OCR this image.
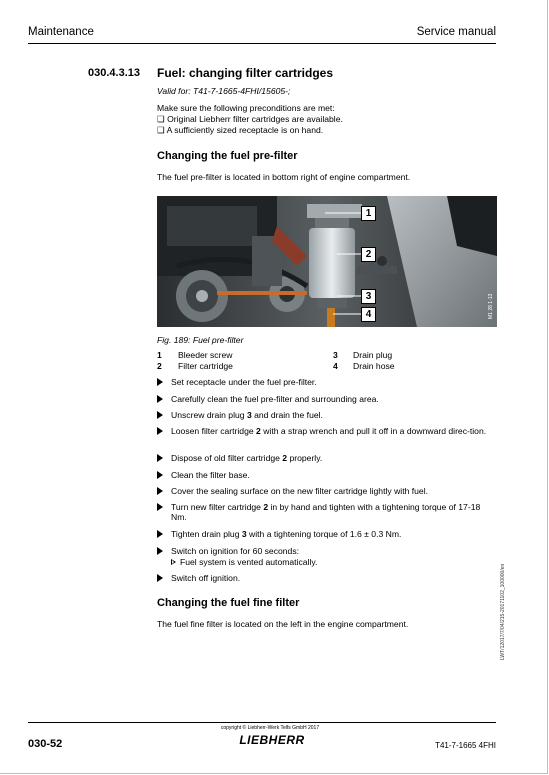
Maintenance	Service manual
030.4.3.13 Fuel: changing filter cartridges
Valid for: T41-7-1665-4FHI/15605-;
Make sure the following preconditions are met:
❑ Original Liebherr filter cartridges are available.
❑ A sufficiently sized receptacle is on hand.
Changing the fuel pre-filter
The fuel pre-filter is located in bottom right of engine compartment.
1
2
3
4	M1 28 1·13
Fig. 189: Fuel pre-filter
1 Bleeder screw
2 Filter cartridge
3 Drain plug
4 Drain hose
Set receptacle under the fuel pre-filter.
Carefully clean the fuel pre-filter and surrounding area.
Unscrew drain plug 3 and drain the fuel.
Loosen filter cartridge 2 with a strap wrench and pull it off in a downward direc-tion.
Dispose of old filter cartridge 2 properly.
Clean the filter base.
Cover the sealing surface on the new filter cartridge lightly with fuel.
Turn new filter cartridge 2 in by hand and tighten with a tightening torque of 17-18 Nm.
Tighten drain plug 3 with a tightening torque of 1.6 ± 0.3 Nm.
Switch on ignition for 60 seconds:
Fuel system is vented automatically.
Switch off ignition.
Changing the fuel fine filter
The fuel fine filter is located on the left in the engine compartment.	LWT/12017/7/04/215-20171102_100000/en
030-52
copyright © Liebherr-Werk Telfs GmbH 2017
LIEBHERR	T41-7-1665 4FHI
